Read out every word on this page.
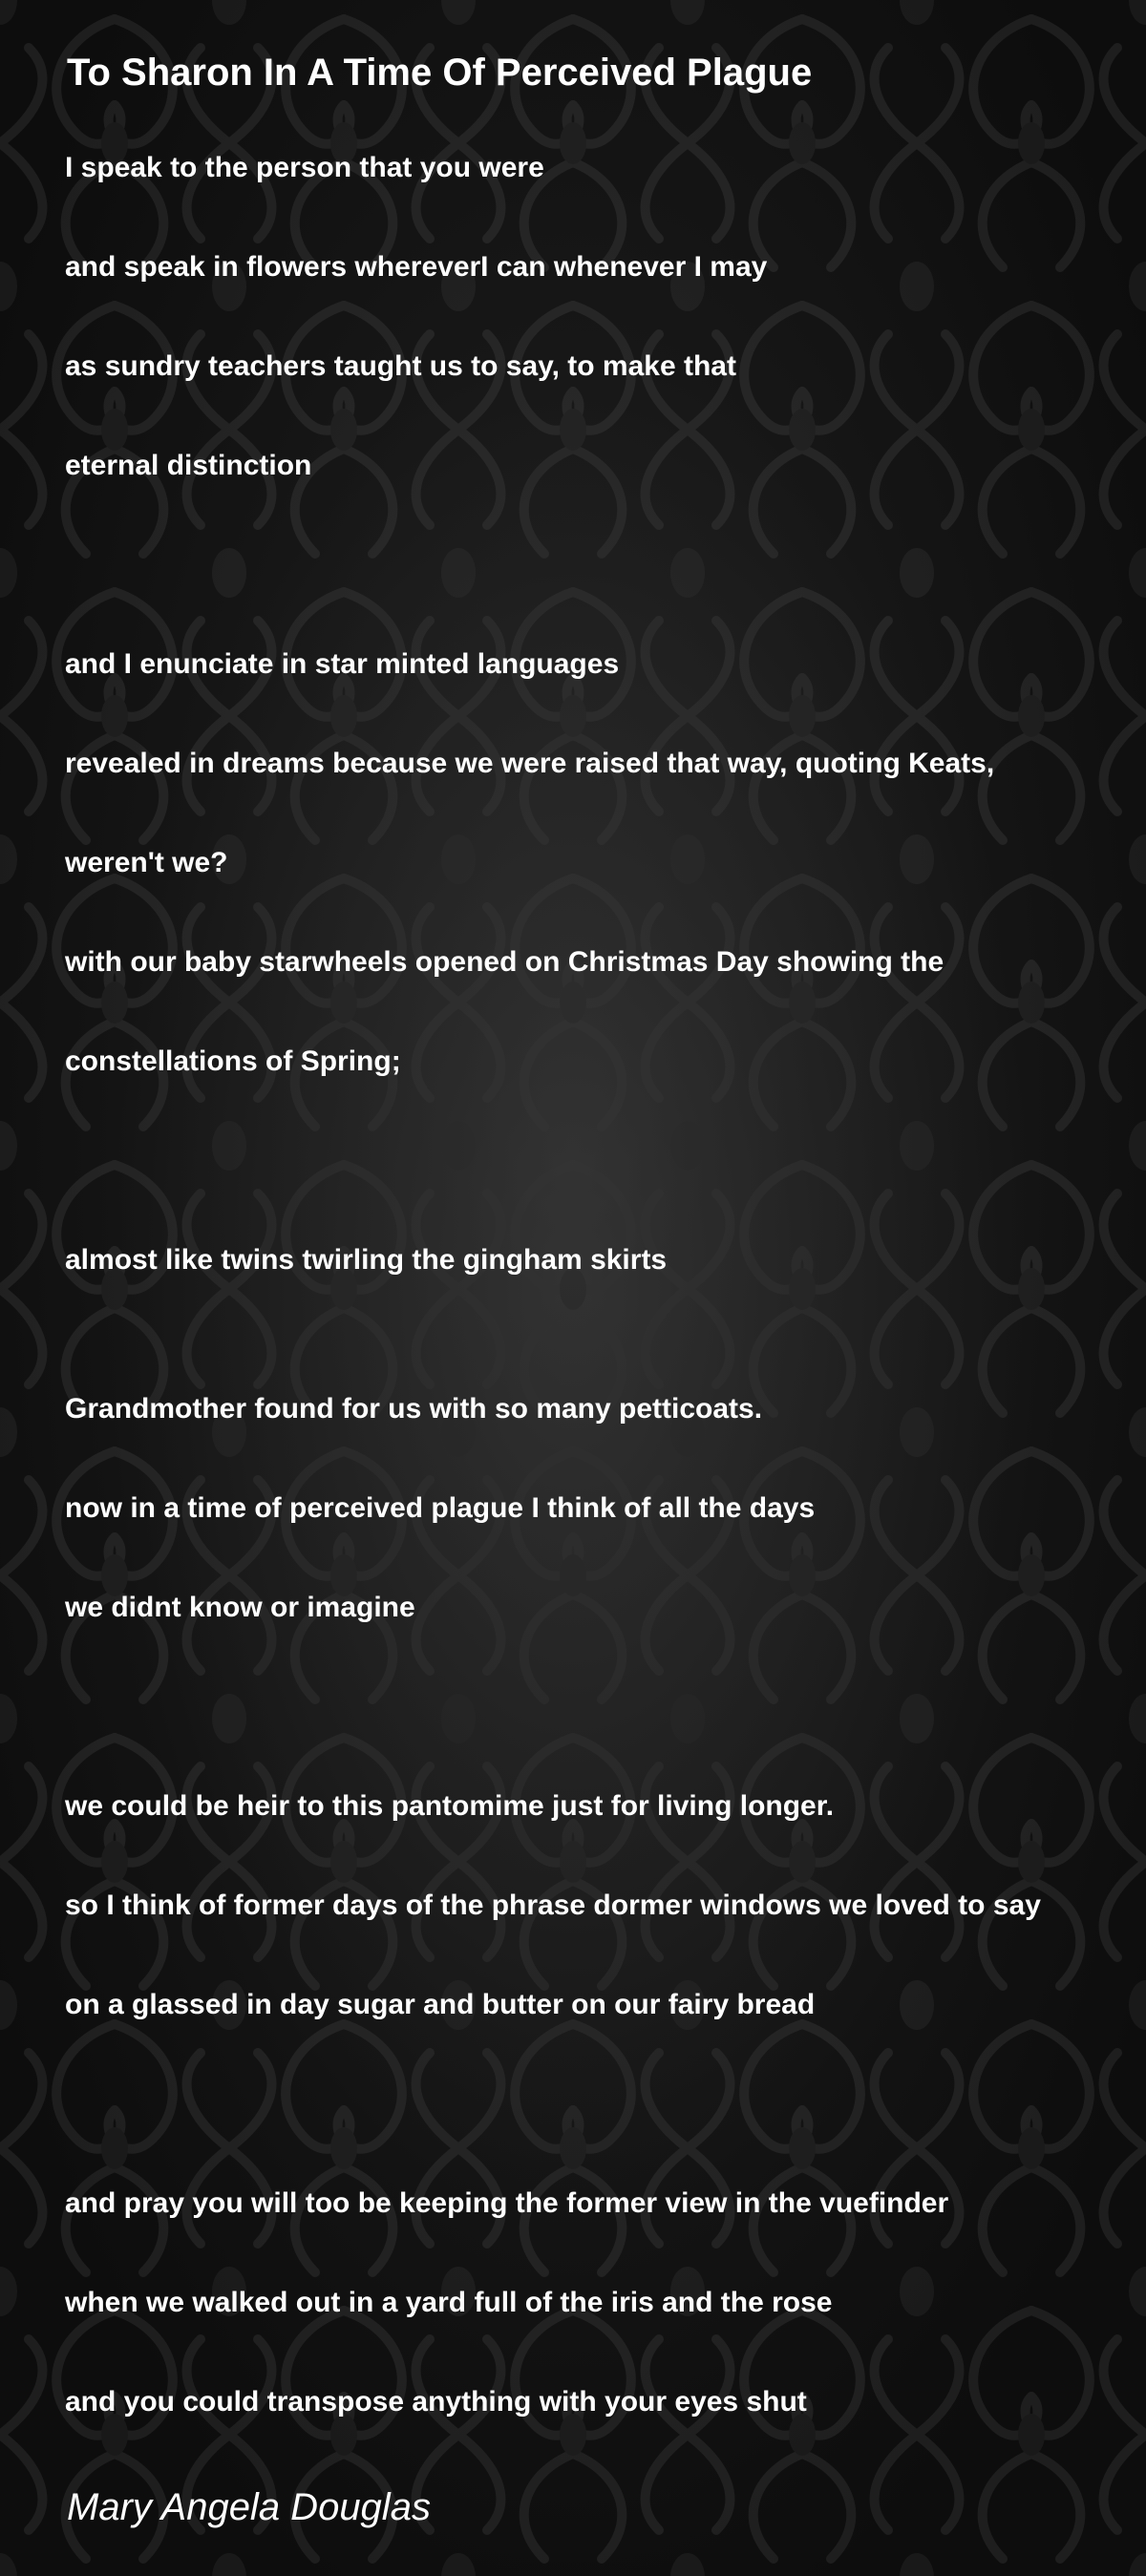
To Sharon In A Time Of Perceived Plague

I speak to the person that you were

and speak in flowers whereverI can whenever I may

as sundry teachers taught us to say, to make that

eternal distinction

and I enunciate in star minted languages

revealed in dreams because we were raised that way, quoting Keats,

weren't we?

with our baby starwheels opened on Christmas Day showing the

constellations of Spring;

almost like twins twirling the gingham skirts

Grandmother found for us with so many petticoats.

now in a time of perceived plague I think of all the days

we didnt know or imagine

we could be heir to this pantomime just for living longer.

so I think of former days of the phrase dormer windows we loved to say

on a glassed in day sugar and butter on our fairy bread

and pray you will too be keeping the former view in the vuefinder

when we walked out in a yard full of the iris and the rose

and you could transpose anything with your eyes shut

Mary Angela Douglas
